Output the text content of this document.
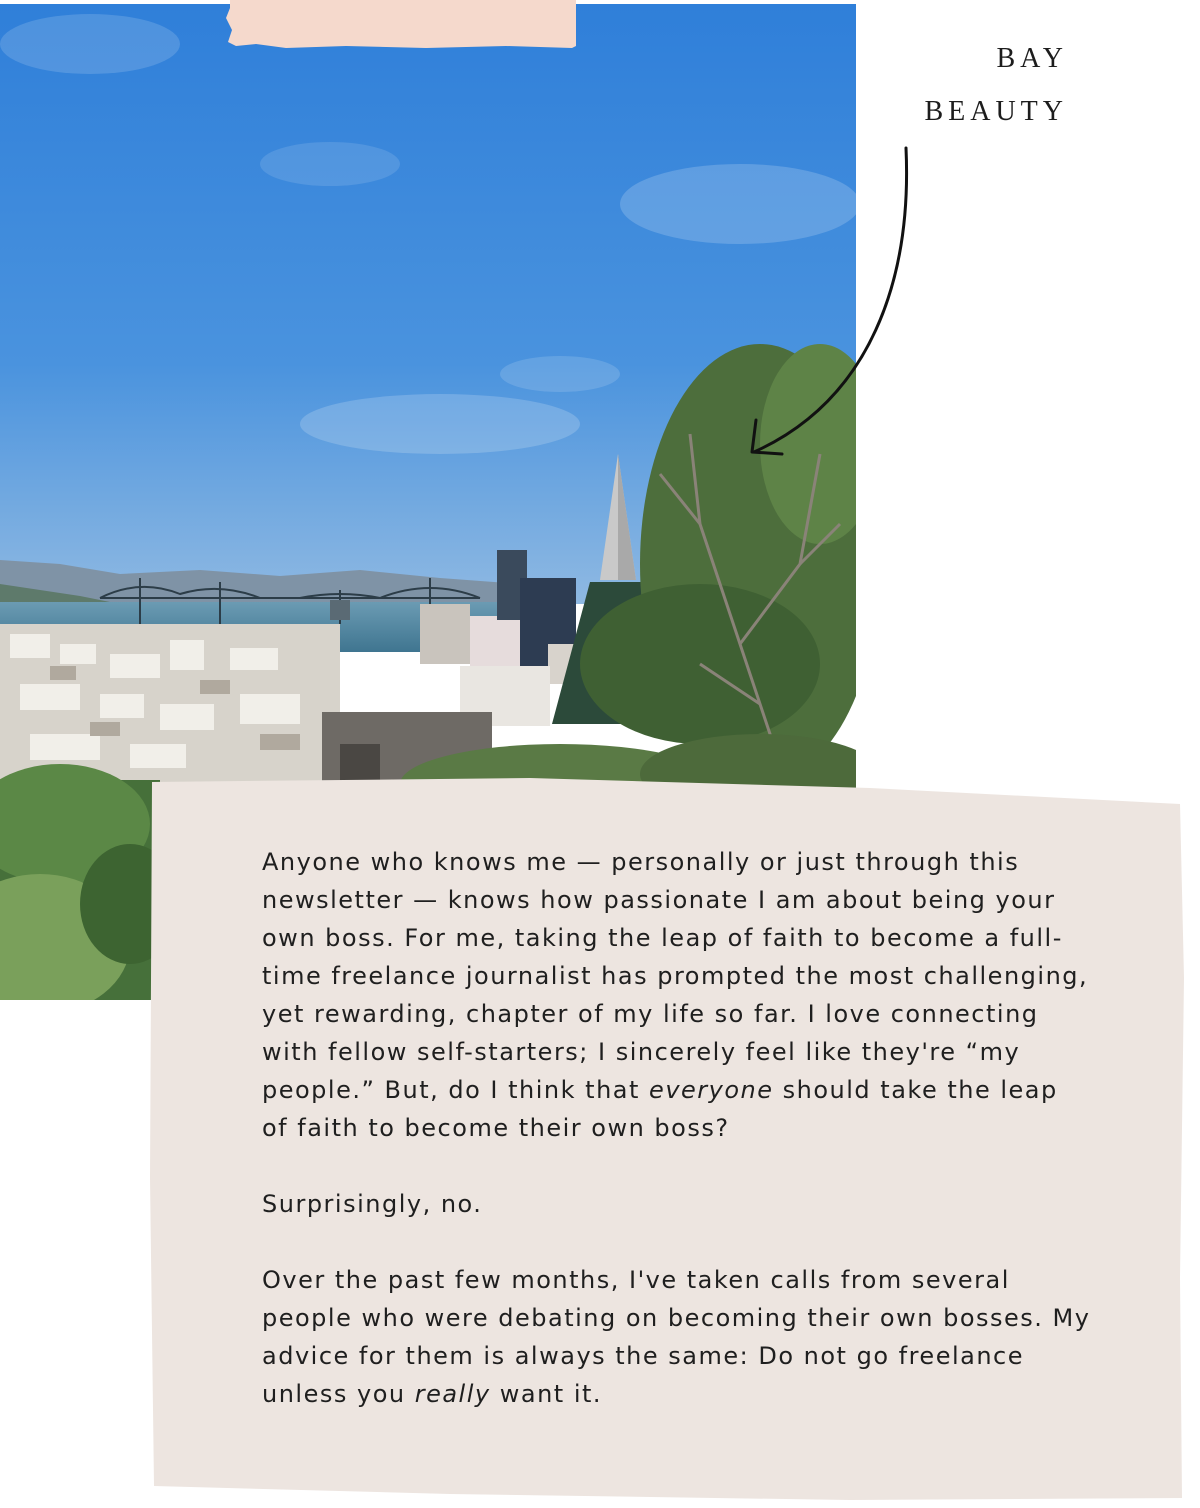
BAY
BEAUTY

Anyone who knows me — personally or just through this newsletter — knows how passionate I am about being your own boss. For me, taking the leap of faith to become a full-time freelance journalist has prompted the most challenging, yet rewarding, chapter of my life so far. I love connecting with fellow self-starters; I sincerely feel like they're “my people.” But, do I think that everyone should take the leap of faith to become their own boss?

Surprisingly, no.

Over the past few months, I've taken calls from several people who were debating on becoming their own bosses. My advice for them is always the same: Do not go freelance unless you really want it.
